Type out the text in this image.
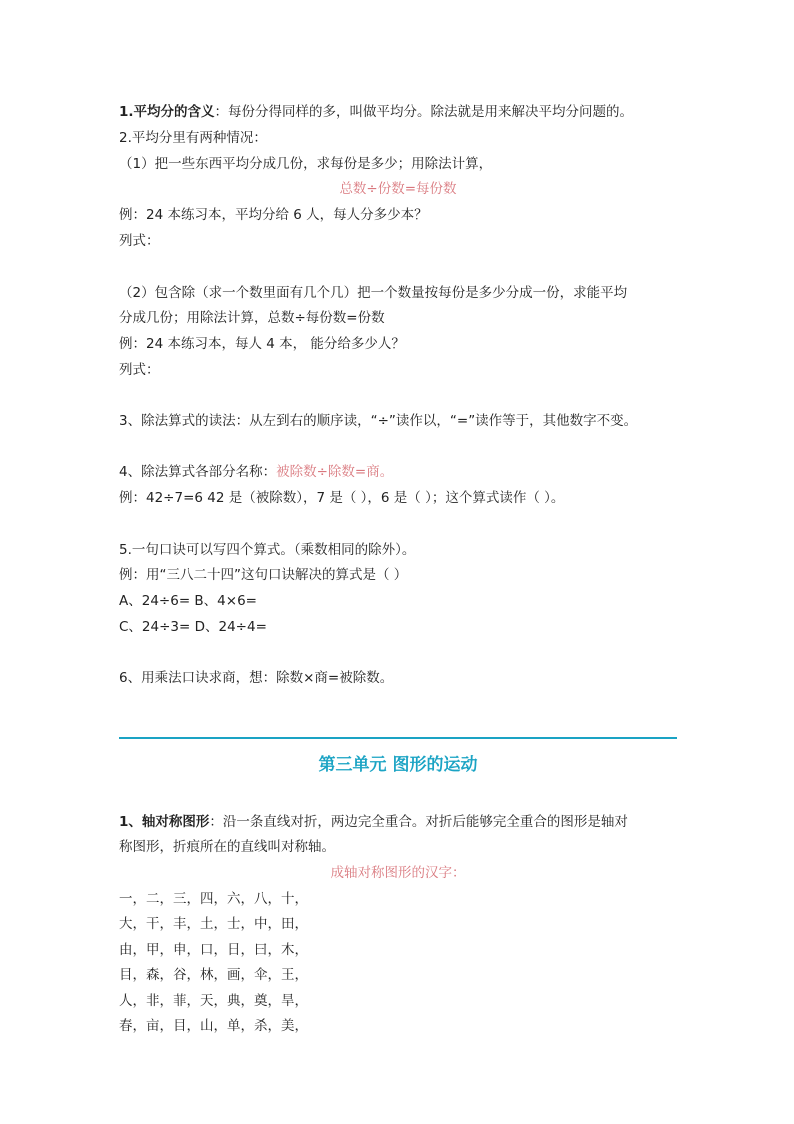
1.平均分的含义：每份分得同样的多，叫做平均分。除法就是用来解决平均分问题的。
2.平均分里有两种情况：
（1）把一些东西平均分成几份，求每份是多少；用除法计算，
总数÷份数=每份数
例：24 本练习本，平均分给 6 人，每人分多少本？
列式：
（2）包含除（求一个数里面有几个几）把一个数量按每份是多少分成一份，求能平均
分成几份；用除法计算，总数÷每份数=份数
例：24 本练习本，每人 4 本， 能分给多少人？
列式：
3、除法算式的读法：从左到右的顺序读，“÷”读作以，“=”读作等于，其他数字不变。
4、除法算式各部分名称：被除数÷除数=商。
例：42÷7=6 42 是（被除数），7 是（ ），6 是（ ）；这个算式读作（ ）。
5.一句口诀可以写四个算式。（乘数相同的除外）。
例：用“三八二十四”这句口诀解决的算式是（ ）
A、24÷6= B、4×6=
C、24÷3= D、24÷4=
6、用乘法口诀求商，想：除数×商=被除数。
第三单元 图形的运动
1、轴对称图形：沿一条直线对折，两边完全重合。对折后能够完全重合的图形是轴对
称图形，折痕所在的直线叫对称轴。
成轴对称图形的汉字：
一，二，三，四，六，八，十，
大，干，丰，土，士，中，田，
由，甲，申，口，日，曰，木，
目，森，谷，林，画，伞，王，
人，非，菲，天，典，奠，旱，
春，亩，目，山，单，杀，美，
